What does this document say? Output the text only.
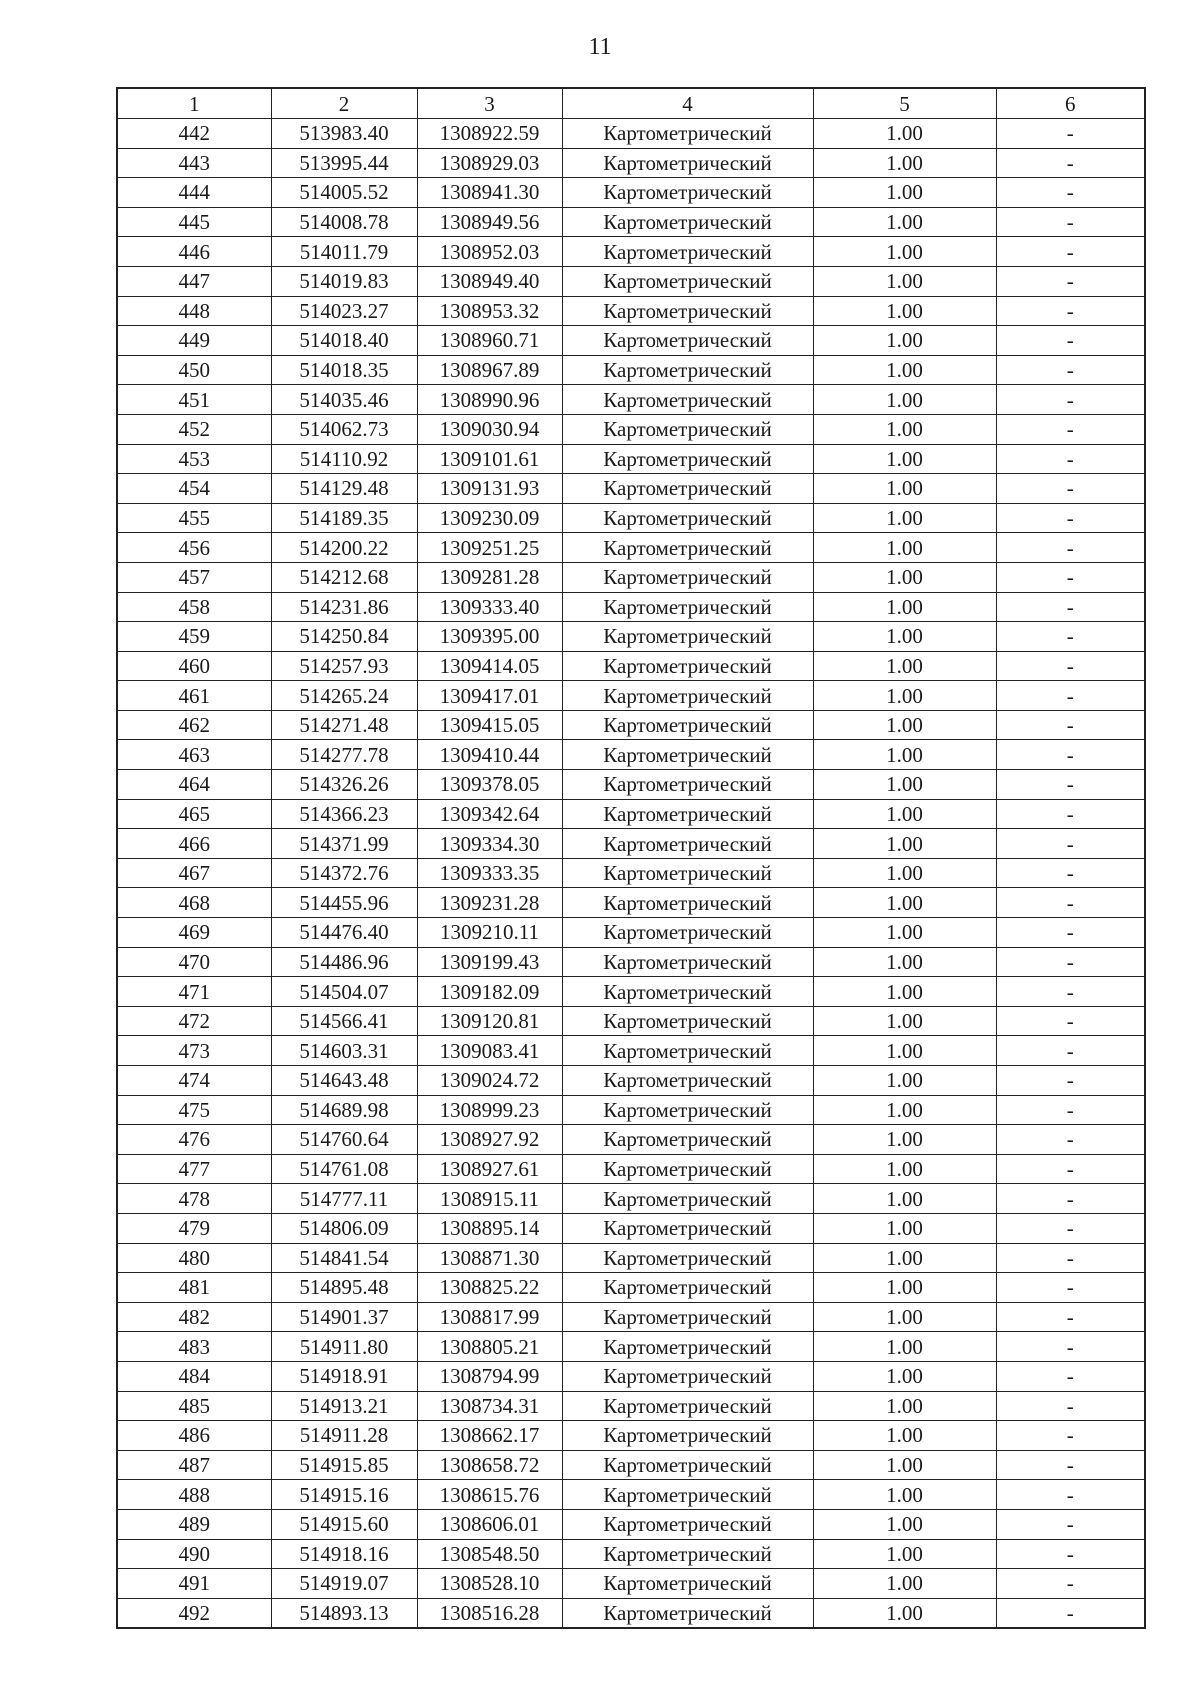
11
1	2	3	4	5	6
442	513983.40	1308922.59	Картометрический	1.00	-
443	513995.44	1308929.03	Картометрический	1.00	-
444	514005.52	1308941.30	Картометрический	1.00	-
445	514008.78	1308949.56	Картометрический	1.00	-
446	514011.79	1308952.03	Картометрический	1.00	-
447	514019.83	1308949.40	Картометрический	1.00	-
448	514023.27	1308953.32	Картометрический	1.00	-
449	514018.40	1308960.71	Картометрический	1.00	-
450	514018.35	1308967.89	Картометрический	1.00	-
451	514035.46	1308990.96	Картометрический	1.00	-
452	514062.73	1309030.94	Картометрический	1.00	-
453	514110.92	1309101.61	Картометрический	1.00	-
454	514129.48	1309131.93	Картометрический	1.00	-
455	514189.35	1309230.09	Картометрический	1.00	-
456	514200.22	1309251.25	Картометрический	1.00	-
457	514212.68	1309281.28	Картометрический	1.00	-
458	514231.86	1309333.40	Картометрический	1.00	-
459	514250.84	1309395.00	Картометрический	1.00	-
460	514257.93	1309414.05	Картометрический	1.00	-
461	514265.24	1309417.01	Картометрический	1.00	-
462	514271.48	1309415.05	Картометрический	1.00	-
463	514277.78	1309410.44	Картометрический	1.00	-
464	514326.26	1309378.05	Картометрический	1.00	-
465	514366.23	1309342.64	Картометрический	1.00	-
466	514371.99	1309334.30	Картометрический	1.00	-
467	514372.76	1309333.35	Картометрический	1.00	-
468	514455.96	1309231.28	Картометрический	1.00	-
469	514476.40	1309210.11	Картометрический	1.00	-
470	514486.96	1309199.43	Картометрический	1.00	-
471	514504.07	1309182.09	Картометрический	1.00	-
472	514566.41	1309120.81	Картометрический	1.00	-
473	514603.31	1309083.41	Картометрический	1.00	-
474	514643.48	1309024.72	Картометрический	1.00	-
475	514689.98	1308999.23	Картометрический	1.00	-
476	514760.64	1308927.92	Картометрический	1.00	-
477	514761.08	1308927.61	Картометрический	1.00	-
478	514777.11	1308915.11	Картометрический	1.00	-
479	514806.09	1308895.14	Картометрический	1.00	-
480	514841.54	1308871.30	Картометрический	1.00	-
481	514895.48	1308825.22	Картометрический	1.00	-
482	514901.37	1308817.99	Картометрический	1.00	-
483	514911.80	1308805.21	Картометрический	1.00	-
484	514918.91	1308794.99	Картометрический	1.00	-
485	514913.21	1308734.31	Картометрический	1.00	-
486	514911.28	1308662.17	Картометрический	1.00	-
487	514915.85	1308658.72	Картометрический	1.00	-
488	514915.16	1308615.76	Картометрический	1.00	-
489	514915.60	1308606.01	Картометрический	1.00	-
490	514918.16	1308548.50	Картометрический	1.00	-
491	514919.07	1308528.10	Картометрический	1.00	-
492	514893.13	1308516.28	Картометрический	1.00	-
